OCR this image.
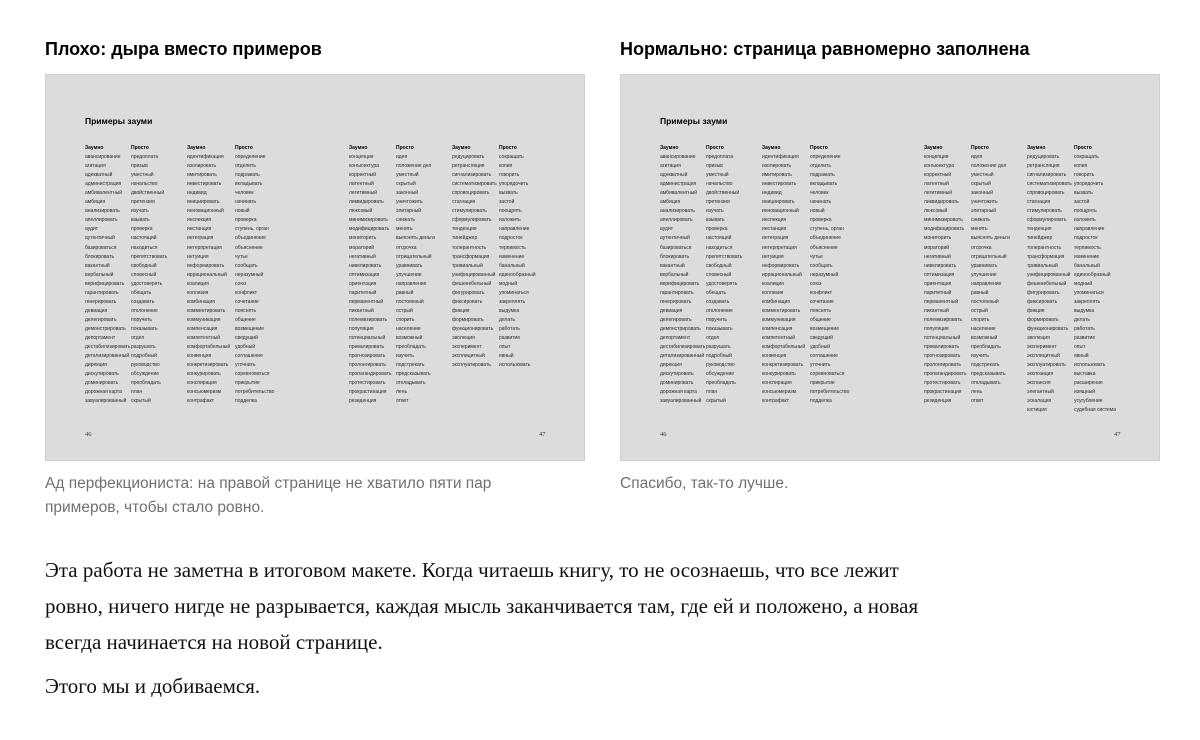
Плохо: дыра вместо примеров
Примеры зауми
46	47
Заумно
авансирование
агитация
адекватный
администрация
амбивалентный
амбиция
анализировать
апеллировать
аудит
аутентичный
базироваться
блокировать
вакантный
вербальный
верифицировать
гарантировать
генерировать
девиация
делегировать
демонстрировать
депортамент
дестабилизировать
детализированный
дирекция
дискутировать
доминировать
дорожная карта
завуалированный
Просто
предоплата
призыв
уместный
начальство
двойственный
претензия
изучать
взывать
проверка
настоящий
находиться
препятствовать
свободный
словесный
удостоверять
обещать
создавать
отклонение
поручить
показывать
отдел
разрушать
подробный
руководство
обсуждение
преобладать
план
скрытый
Заумно
идентификация
изолировать
имитировать
инвестировать
индивид
инициировать
инновационный
инспекция
инстанция
интеграция
интерпретация
интуиция
информировать
иррациональный
коалиция
коллизия
комбинация
комментировать
коммуникация
компенсация
компетентный
комфортабельный
конвенция
конкретизировать
конкурировать
конспирация
консьюмеризм
контрафакт
Просто
определение
отделить
подражать
вкладывать
человек
начинать
новый
проверка
ступень, орган
объединение
объяснение
чутье
сообщать
неразумный
союз
конфликт
сочетание
пояснять
общение
возмещение
сведущий
удобный
соглашение
уточнить
соревноваться
прикрытие
потребительство
подделка
Заумно
концепция
конъюнктура
корректный
латентный
легитимный
ликвидировать
люксовый
минимизировать
модифицировать
мониторить
мораторий
негативный
нивелировать
оптимизация
ориентация
паритетный
перманентный
пикантный
полемизировать
популяция
потенциальный
превалировать
прогнозировать
пролонгировать
пропагандировать
протестировать
прокрастинация
резиденция
Просто
идея
положение дел
уместный
скрытый
законный
уничтожить
элитарный
снижать
менять
выяснять деньги
отсрочка
отрицательный
уравнивать
улучшение
направление
равный
постоянный
острый
спорить
население
возможный
преобладать
изучить
подстрекать
предсказывать
откладывать
лень
ответ
Заумно
редуцировать
ретрансляция
сигнализировать
систематизировать
спровоцировать
стагнация
стимулировать
сформулировать
тенденция
тинейджер
толерантность
трансформация
тривиальный
унифицированный
фешенебельный
фигурировать
фиксировать
фикция
формировать
функционировать
эволюция
эксперимент
эксплицитный
эксплуатировать
Просто
сокращать
копия
говорить
упорядочить
вызвать
застой
поощрять
изложить
направление
подросток
терпимость
изменение
банальный
единообразный
модный
упоминаться
закреплять
выдумка
делать
работать
развитие
опыт
явный
использовать

Ад перфекциониста: на правой странице не хватило пяти пар примеров, чтобы стало ровно.

Нормально: страница равномерно заполнена
Примеры зауми
46	47
Заумно
авансирование
агитация
адекватный
администрация
амбивалентный
амбиция
анализировать
апеллировать
аудит
аутентичный
базироваться
блокировать
вакантный
вербальный
верифицировать
гарантировать
генерировать
девиация
делегировать
демонстрировать
депортамент
дестабилизировать
детализированный
дирекция
дискутировать
доминировать
дорожная карта
завуалированный
Просто
предоплата
призыв
уместный
начальство
двойственный
претензия
изучать
взывать
проверка
настоящий
находиться
препятствовать
свободный
словесный
удостоверять
обещать
создавать
отклонение
поручить
показывать
отдел
разрушать
подробный
руководство
обсуждение
преобладать
план
скрытый
Заумно
идентификация
изолировать
имитировать
инвестировать
индивид
инициировать
инновационный
инспекция
инстанция
интеграция
интерпретация
интуиция
информировать
иррациональный
коалиция
коллизия
комбинация
комментировать
коммуникация
компенсация
компетентный
комфортабельный
конвенция
конкретизировать
конкурировать
конспирация
консьюмеризм
контрафакт
Просто
определение
отделить
подражать
вкладывать
человек
начинать
новый
проверка
ступень, орган
объединение
объяснение
чутье
сообщать
неразумный
союз
конфликт
сочетание
пояснять
общение
возмещение
сведущий
удобный
соглашение
уточнить
соревноваться
прикрытие
потребительство
подделка
Заумно
концепция
конъюнктура
корректный
латентный
легитимный
ликвидировать
люксовый
минимизировать
модифицировать
мониторить
мораторий
негативный
нивелировать
оптимизация
ориентация
паритетный
перманентный
пикантный
полемизировать
популяция
потенциальный
превалировать
прогнозировать
пролонгировать
пропагандировать
протестировать
прокрастинация
резиденция
Просто
идея
положение дел
уместный
скрытый
законный
уничтожить
элитарный
снижать
менять
выяснять деньги
отсрочка
отрицательный
уравнивать
улучшение
направление
равный
постоянный
острый
спорить
население
возможный
преобладать
изучить
подстрекать
предсказывать
откладывать
лень
ответ
Заумно
редуцировать
ретрансляция
сигнализировать
систематизировать
спровоцировать
стагнация
стимулировать
сформулировать
тенденция
тинейджер
толерантность
трансформация
тривиальный
унифицированный
фешенебельный
фигурировать
фиксировать
фикция
формировать
функционировать
эволюция
эксперимент
эксплицитный
эксплуатировать
экспозиция
экспансия
элегантный
эскалация
юстиция
Просто
сокращать
копия
говорить
упорядочить
вызвать
застой
поощрять
изложить
направление
подросток
терпимость
изменение
банальный
единообразный
модный
упоминаться
закреплять
выдумка
делать
работать
развитие
опыт
явный
использовать
выставка
расширение
изящный
усугубление
судебная система

Спасибо, так-то лучше.

Эта работа не заметна в итоговом макете. Когда читаешь книгу, то не осознаешь, что все лежит ровно, ничего нигде не разрывается, каждая мысль заканчивается там, где ей и положено, а новая всегда начинается на новой странице.

Этого мы и добиваемся.
